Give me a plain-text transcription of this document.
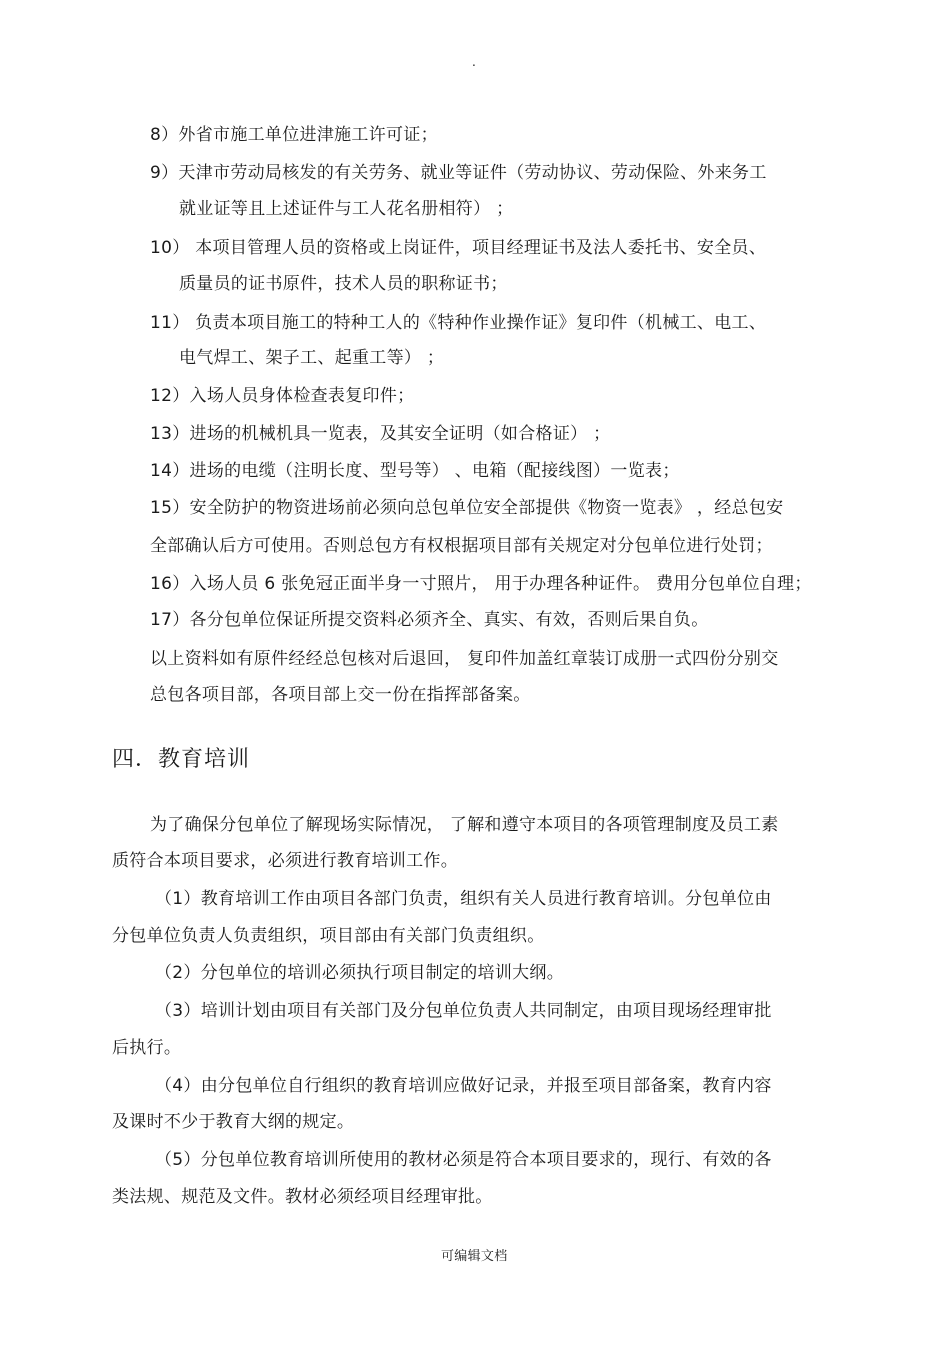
.
8）外省市施工单位进津施工许可证；
9）天津市劳动局核发的有关劳务、就业等证件（劳动协议、劳动保险、外来务工
就业证等且上述证件与工人花名册相符） ；
10） 本项目管理人员的资格或上岗证件，项目经理证书及法人委托书、安全员、
质量员的证书原件，技术人员的职称证书；
11） 负责本项目施工的特种工人的《特种作业操作证》复印件（机械工、电工、
电气焊工、架子工、起重工等） ；
12）入场人员身体检查表复印件；
13）进场的机械机具一览表，及其安全证明（如合格证） ；
14）进场的电缆（注明长度、型号等） 、电箱（配接线图）一览表；
15）安全防护的物资进场前必须向总包单位安全部提供《物资一览表》 ，经总包安
全部确认后方可使用。否则总包方有权根据项目部有关规定对分包单位进行处罚；
16）入场人员 6 张免冠正面半身一寸照片， 用于办理各种证件。 费用分包单位自理；
17）各分包单位保证所提交资料必须齐全、真实、有效，否则后果自负。
以上资料如有原件经经总包核对后退回， 复印件加盖红章装订成册一式四份分别交
总包各项目部，各项目部上交一份在指挥部备案。
四．教育培训
为了确保分包单位了解现场实际情况， 了解和遵守本项目的各项管理制度及员工素
质符合本项目要求，必须进行教育培训工作。
（1）教育培训工作由项目各部门负责，组织有关人员进行教育培训。分包单位由
分包单位负责人负责组织，项目部由有关部门负责组织。
（2）分包单位的培训必须执行项目制定的培训大纲。
（3）培训计划由项目有关部门及分包单位负责人共同制定，由项目现场经理审批
后执行。
（4）由分包单位自行组织的教育培训应做好记录，并报至项目部备案，教育内容
及课时不少于教育大纲的规定。
（5）分包单位教育培训所使用的教材必须是符合本项目要求的，现行、有效的各
类法规、规范及文件。教材必须经项目经理审批。
可编辑文档
